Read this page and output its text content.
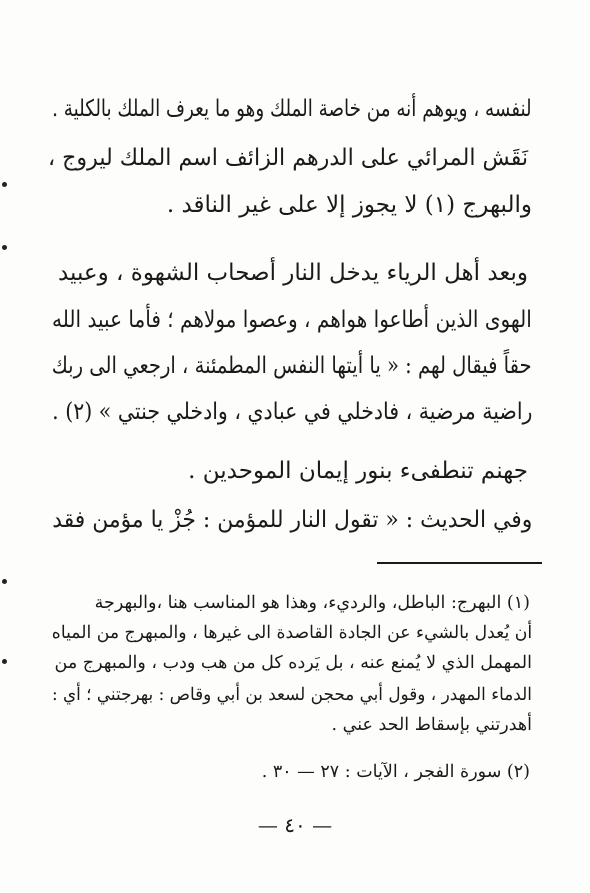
لنفسه ، ويوهم أنه من خاصة الملك وهو ما يعرف الملك بالكلية .
نَقَش المرائي على الدرهم الزائف اسم الملك ليروج ،
والبهرج (١) لا يجوز إلا على غير الناقد .
وبعد أهل الرياء يدخل النار أصحاب الشهوة ، وعبيد
الهوى الذين أطاعوا هواهم ، وعصوا مولاهم ؛ فأما عبيد الله
حقاً فيقال لهم : « يا أيتها النفس المطمئنة ، ارجعي الى ربك
راضية مرضية ، فادخلي في عبادي ، وادخلي جنتي » (٢) .
جهنم تنطفىء بنور إيمان الموحدين .
وفي الحديث : « تقول النار للمؤمن : جُزْ يا مؤمن فقد
(١) البهرج: الباطل، والرديء، وهذا هو المناسب هنا ،والبهرجة
أن يُعدل بالشيء عن الجادة القاصدة الى غيرها ، والمبهرج من المياه
المهمل الذي لا يُمنع عنه ، بل يَرده كل من هب ودب ، والمبهرج من
الدماء المهدر ، وقول أبي محجن لسعد بن أبي وقاص : بهرجتني ؛ أي :
أهدرتني بإسقاط الحد عني .
(٢) سورة الفجر ، الآيات : ٢٧ — ٣٠ .
— ٤٠ —
